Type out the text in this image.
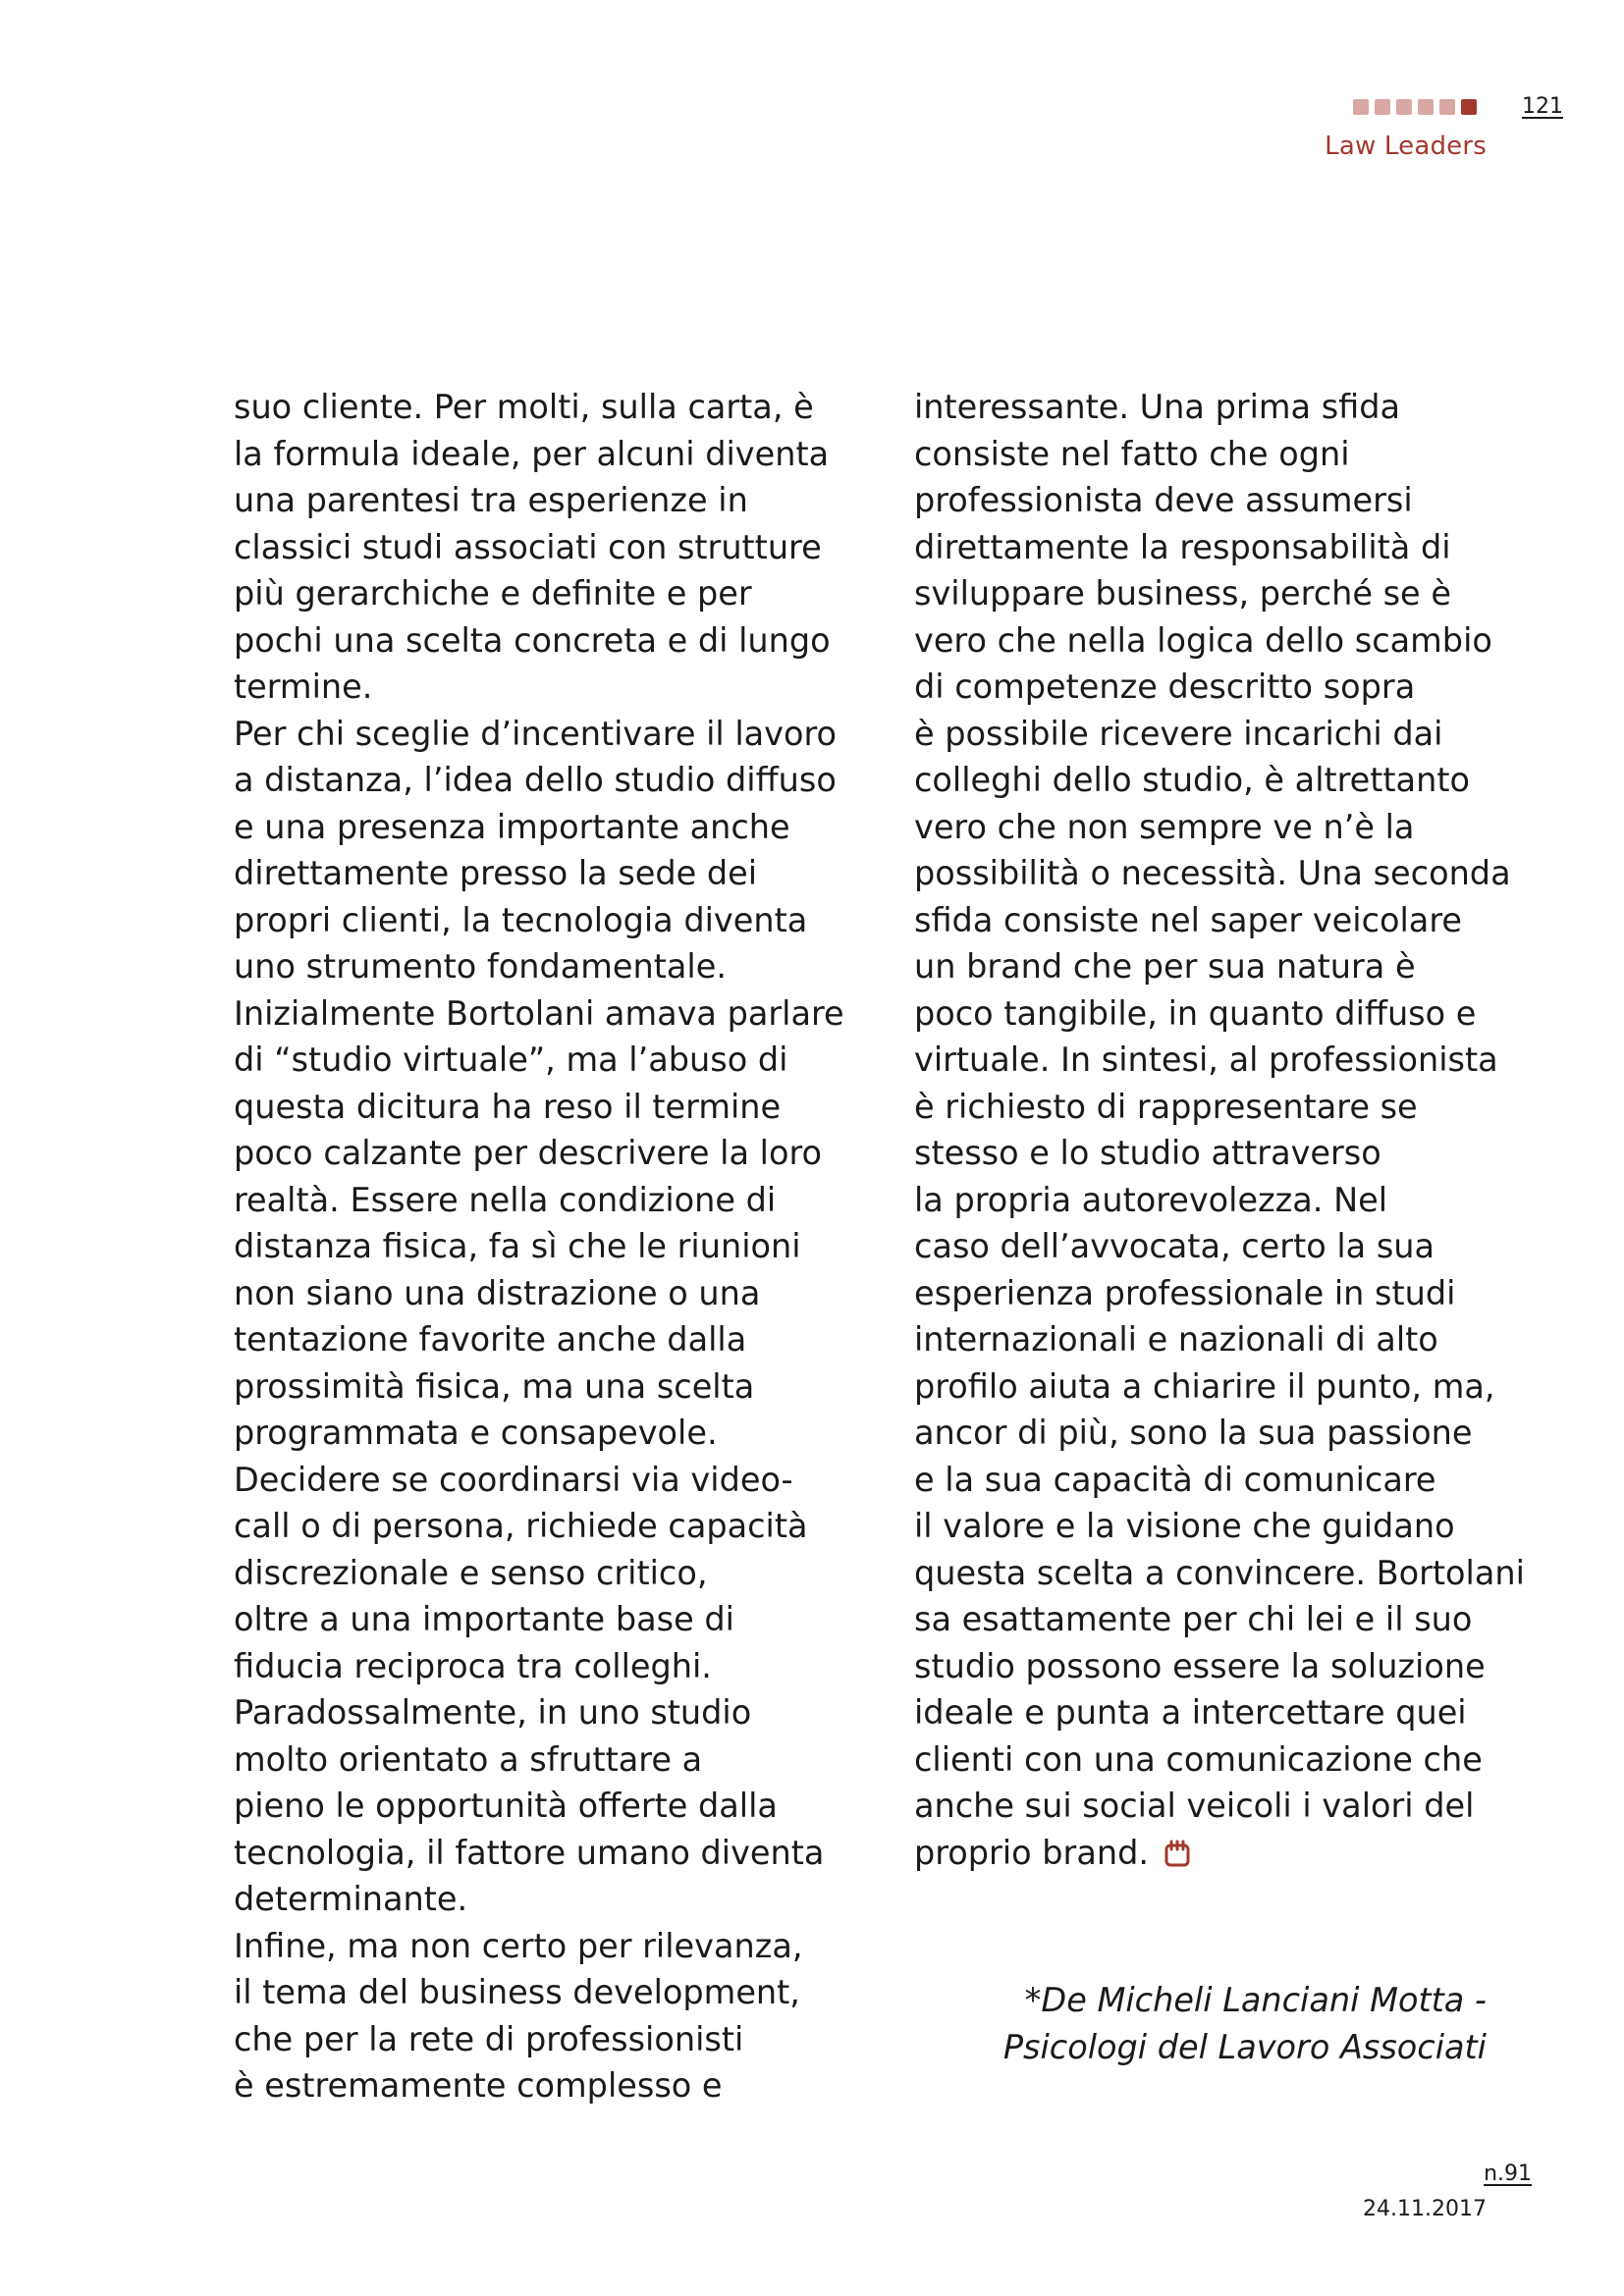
121
Law Leaders
suo cliente. Per molti, sulla carta, è
la formula ideale, per alcuni diventa
una parentesi tra esperienze in
classici studi associati con strutture
più gerarchiche e definite e per
pochi una scelta concreta e di lungo
termine.
Per chi sceglie d’incentivare il lavoro
a distanza, l’idea dello studio diffuso
e una presenza importante anche
direttamente presso la sede dei
propri clienti, la tecnologia diventa
uno strumento fondamentale.
Inizialmente Bortolani amava parlare
di “studio virtuale”, ma l’abuso di
questa dicitura ha reso il termine
poco calzante per descrivere la loro
realtà. Essere nella condizione di
distanza fisica, fa sì che le riunioni
non siano una distrazione o una
tentazione favorite anche dalla
prossimità fisica, ma una scelta
programmata e consapevole.
Decidere se coordinarsi via video-
call o di persona, richiede capacità
discrezionale e senso critico,
oltre a una importante base di
fiducia reciproca tra colleghi.
Paradossalmente, in uno studio
molto orientato a sfruttare a
pieno le opportunità offerte dalla
tecnologia, il fattore umano diventa
determinante.
Infine, ma non certo per rilevanza,
il tema del business development,
che per la rete di professionisti
è estremamente complesso e
interessante. Una prima sfida
consiste nel fatto che ogni
professionista deve assumersi
direttamente la responsabilità di
sviluppare business, perché se è
vero che nella logica dello scambio
di competenze descritto sopra
è possibile ricevere incarichi dai
colleghi dello studio, è altrettanto
vero che non sempre ve n’è la
possibilità o necessità. Una seconda
sfida consiste nel saper veicolare
un brand che per sua natura è
poco tangibile, in quanto diffuso e
virtuale. In sintesi, al professionista
è richiesto di rappresentare se
stesso e lo studio attraverso
la propria autorevolezza. Nel
caso dell’avvocata, certo la sua
esperienza professionale in studi
internazionali e nazionali di alto
profilo aiuta a chiarire il punto, ma,
ancor di più, sono la sua passione
e la sua capacità di comunicare
il valore e la visione che guidano
questa scelta a convincere. Bortolani
sa esattamente per chi lei e il suo
studio possono essere la soluzione
ideale e punta a intercettare quei
clienti con una comunicazione che
anche sui social veicoli i valori del
proprio brand.
*De Micheli Lanciani Motta -
Psicologi del Lavoro Associati
n.91
24.11.2017
